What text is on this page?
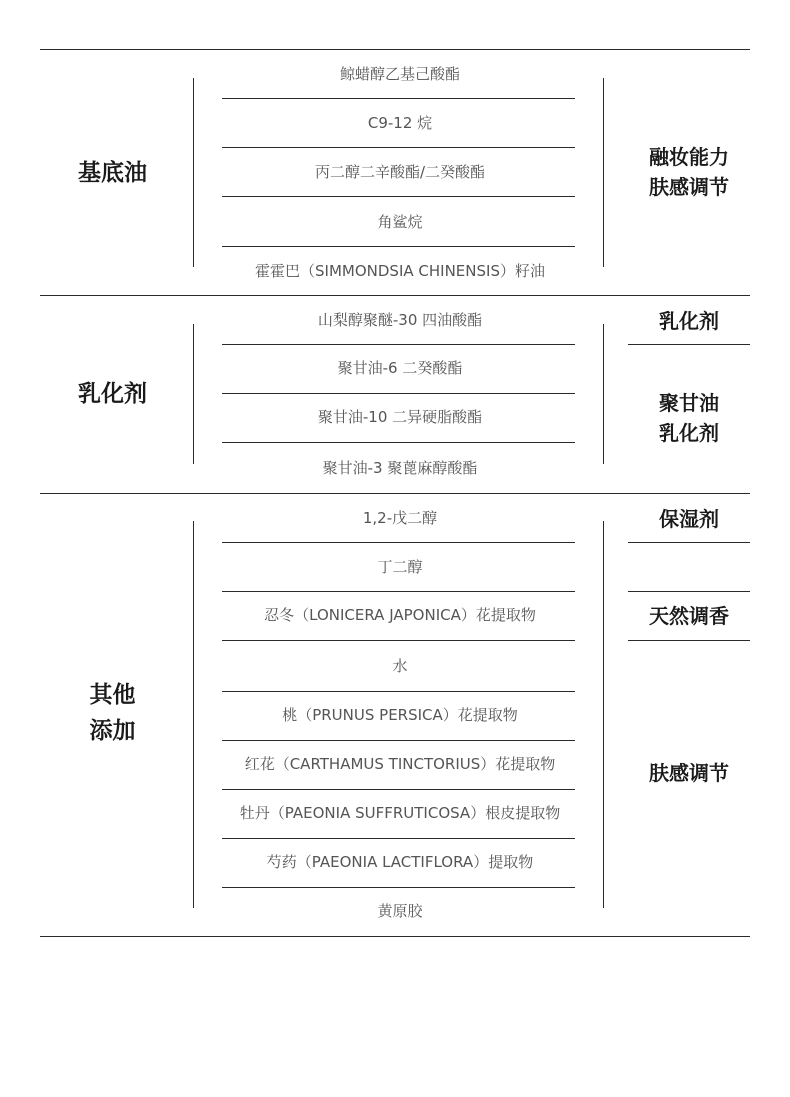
基底油
鲸蜡醇乙基己酸酯
C9-12 烷
丙二醇二辛酸酯/二癸酸酯
角鲨烷
霍霍巴（SIMMONDSIA CHINENSIS）籽油
融妆能力
肤感调节
乳化剂
山梨醇聚醚-30 四油酸酯
聚甘油-6 二癸酸酯
聚甘油-10 二异硬脂酸酯
聚甘油-3 聚蓖麻醇酸酯
乳化剂
聚甘油
乳化剂
其他
添加
1,2-戊二醇
丁二醇
忍冬（LONICERA JAPONICA）花提取物
水
桃（PRUNUS PERSICA）花提取物
红花（CARTHAMUS TINCTORIUS）花提取物
牡丹（PAEONIA SUFFRUTICOSA）根皮提取物
芍药（PAEONIA LACTIFLORA）提取物
黄原胶
保湿剂
天然调香
肤感调节
